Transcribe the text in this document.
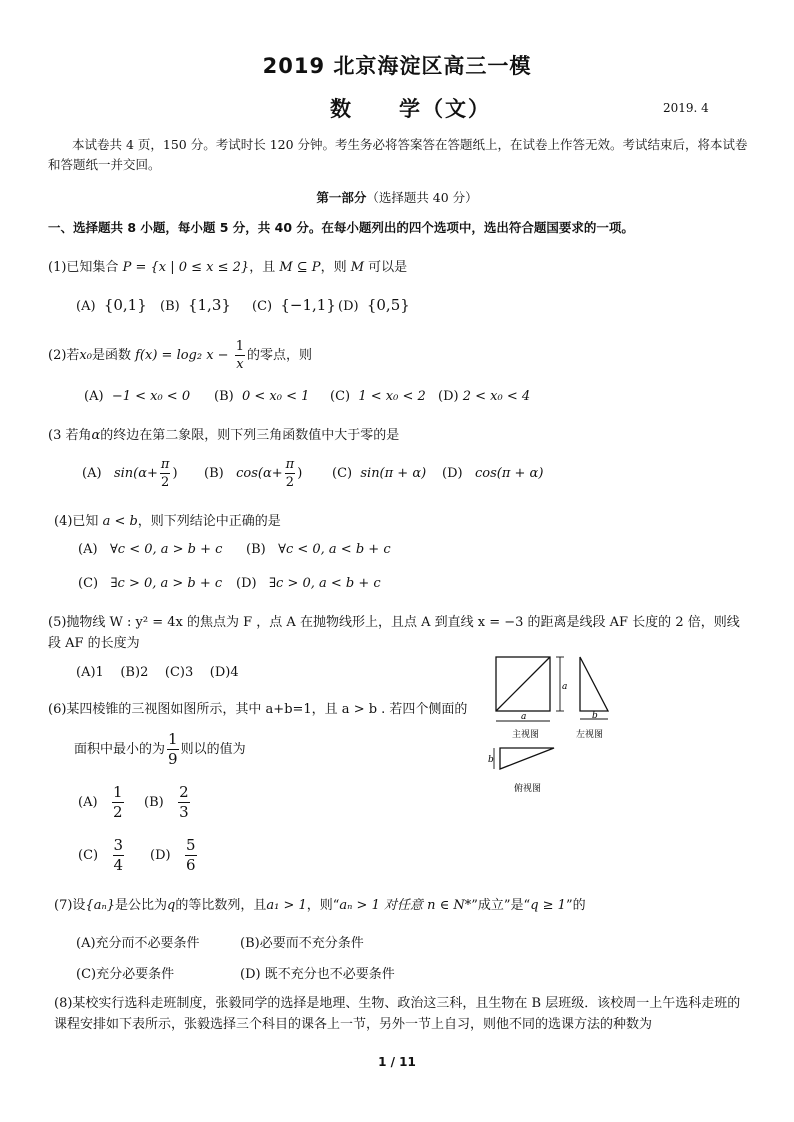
2019 北京海淀区高三一模
数　　学（文）	2019. 4
本试卷共 4 页，150 分。考试时长 120 分钟。考生务必将答案答在答题纸上，在试卷上作答无效。考试结束后，将本试卷和答题纸一并交回。
第一部分（选择题共 40 分）
一、选择题共 8 小题，每小题 5 分，共 40 分。在每小题列出的四个选项中，选出符合题国要求的一项。
(1)已知集合 P = {x | 0 ≤ x ≤ 2}，且 M ⊆ P，则 M 可以是
(A) {0,1} (B) {1,3} (C) {−1,1} (D) {0,5}
(2)若x₀是函数 f(x) = log₂ $x - \frac{1}{x}$ 的零点，则
(A) −1 < x₀ < 0 (B) 0 < x₀ < 1 (C) 1 < x₀ < 2 (D) 2 < x₀ < 4
(3 若角α的终边在第二象限，则下列三角函数值中大于零的是
(A) $\sin(\alpha+ \frac{\pi}{2}$ ) (B) $\cos(\alpha+ \frac{\pi}{2}$ ) (C) sin(π + α) (D) cos(π + α)
(4)已知 a < b，则下列结论中正确的是
(A) ∀c < 0, a > b + c (B) ∀c < 0, a < b + c
(C) ∃c > 0, a > b + c (D) ∃c > 0, a < b + c
(5)抛物线 W : y² = 4x 的焦点为 F ，点 A 在抛物线形上，且点 A 到直线 x = −3 的距离是线段 AF 长度的 2 倍，则线段 AF 的长度为
(A)1 (B)2 (C)3 (D)4
(6)某四棱锥的三视图如图所示，其中 a+b=1，且 a > b . 若四个侧面的
面积中最小的为 $\frac{1}{9}$ 则以的值为
$(A) \frac{1}{2} (B) \frac{2}{3}$
$(C) \frac{3}{4} (D) \frac{5}{6}$
a
a	b
b
主视图	左视图
俯视图
(7)设{aₙ}是公比为q的等比数列，且a₁ > 1，则“aₙ > 1 对任意 n ∈ N*”成立”是“q ≥ 1”的
(A)充分而不必要条件	(B)必要而不充分条件
(C)充分必要条件	(D) 既不充分也不必要条件
(8)某校实行选科走班制度，张毅同学的选择是地理、生物、政治这三科，且生物在 B 层班级．该校周一上午选科走班的课程安排如下表所示，张毅选择三个科目的课各上一节，另外一节上自习，则他不同的选课方法的种数为
1 / 11
